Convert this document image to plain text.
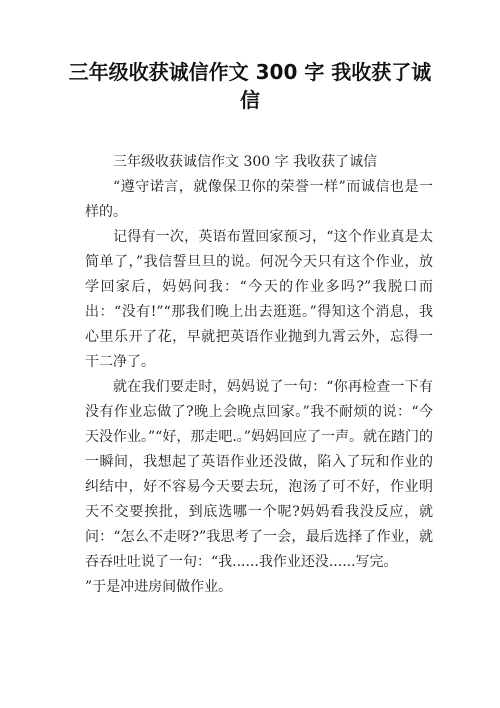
三年级收获诚信作文 300 字 我收获了诚信

三年级收获诚信作文 300 字 我收获了诚信

“遵守诺言，就像保卫你的荣誉一样”而诚信也是一样的。

记得有一次，英语布置回家预习，“这个作业真是太简单了，”我信誓旦旦的说。何况今天只有这个作业，放学回家后，妈妈问我：“今天的作业多吗?”我脱口而出：“没有!”“那我们晚上出去逛逛。”得知这个消息，我心里乐开了花，早就把英语作业抛到九霄云外，忘得一干二净了。

就在我们要走时，妈妈说了一句：“你再检查一下有没有作业忘做了?晚上会晚点回家。”我不耐烦的说：“今天没作业。”“好，那走吧.。”妈妈回应了一声。就在踏门的一瞬间，我想起了英语作业还没做，陷入了玩和作业的纠结中，好不容易今天要去玩，泡汤了可不好，作业明天不交要挨批，到底选哪一个呢?妈妈看我没反应，就问：“怎么不走呀?”我思考了一会，最后选择了作业，就吞吞吐吐说了一句：“我......我作业还没......写完。

”于是冲进房间做作业。
